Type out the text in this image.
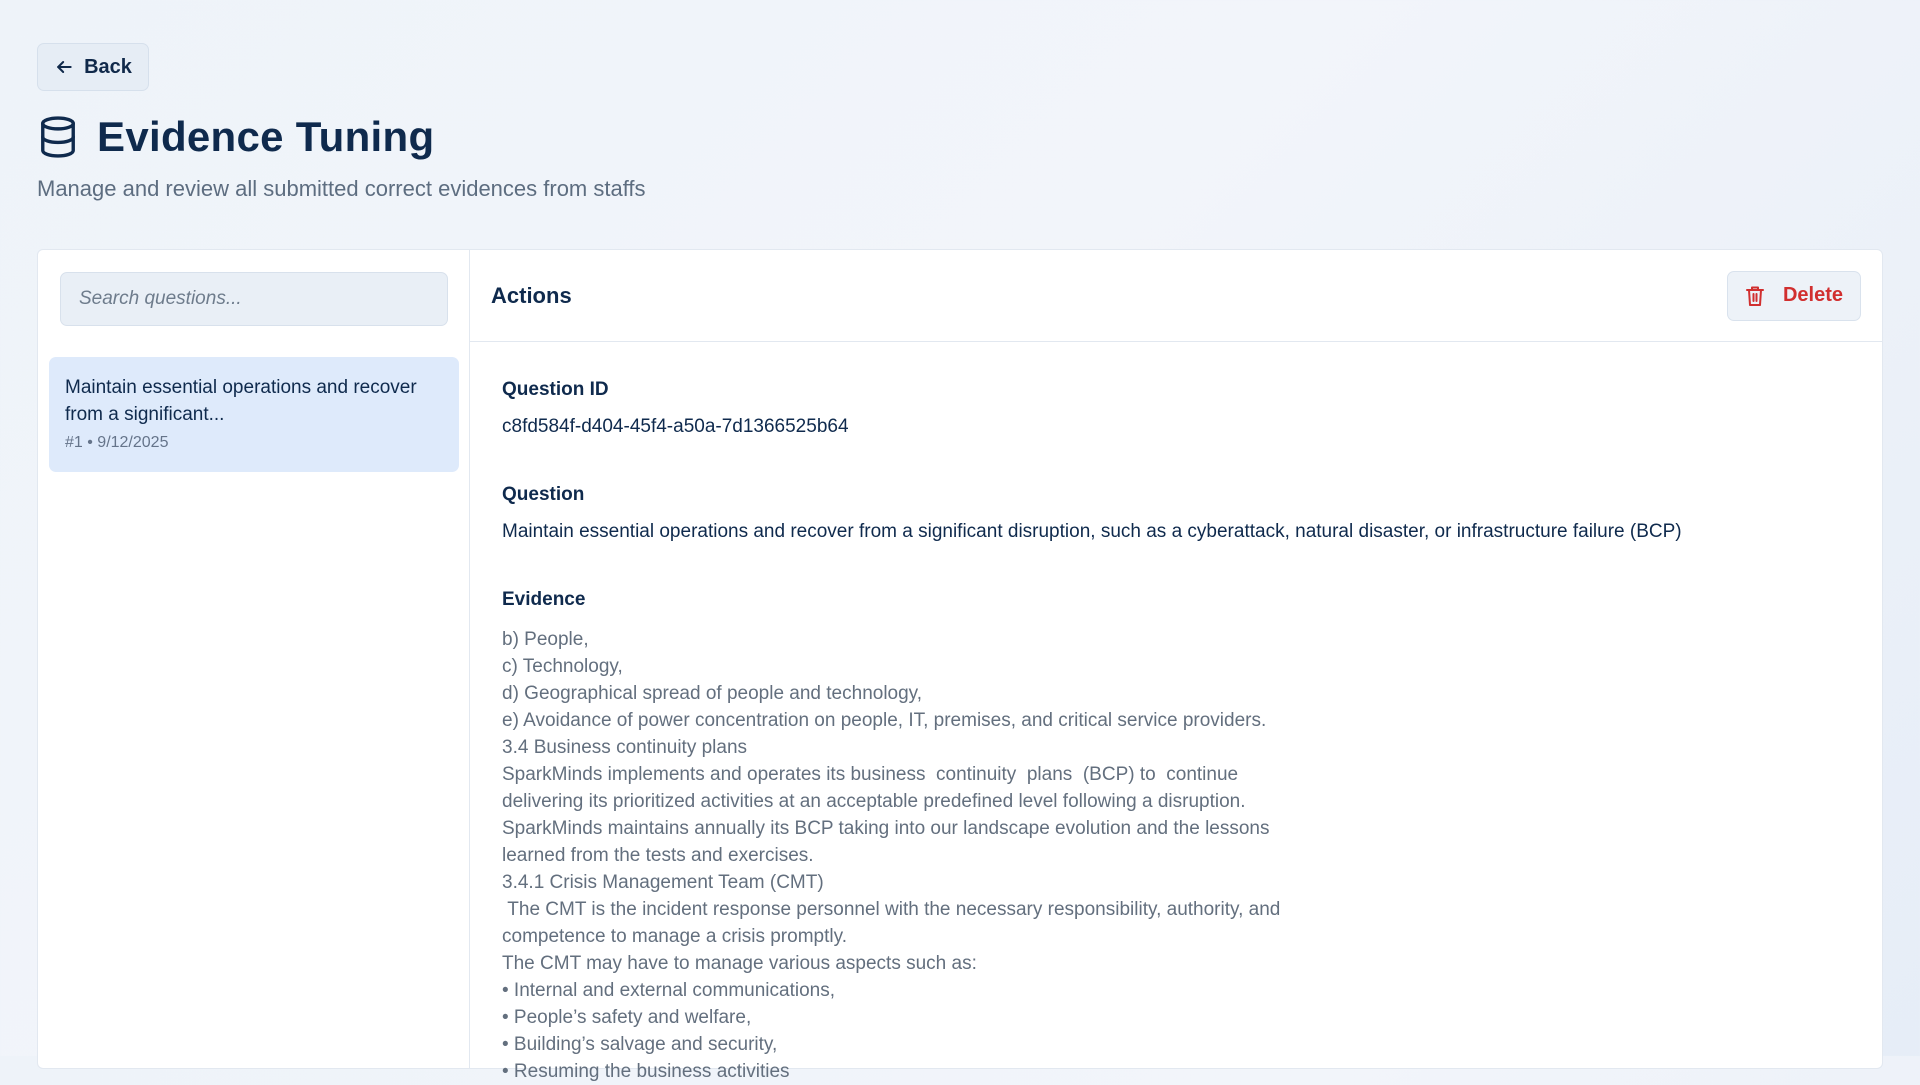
Back
Evidence Tuning
Manage and review all submitted correct evidences from staffs
Search questions...
Maintain essential operations and recover from a significant...
#1 • 9/12/2025
Actions	Delete
Question ID
c8fd584f-d404-45f4-a50a-7d1366525b64
Question
Maintain essential operations and recover from a significant disruption, such as a cyberattack, natural disaster, or infrastructure failure (BCP)
Evidence
b) People,
c) Technology,
d) Geographical spread of people and technology,
e) Avoidance of power concentration on people, IT, premises, and critical service providers.
3.4 Business continuity plans
SparkMinds implements and operates its business  continuity  plans  (BCP) to  continue
delivering its prioritized activities at an acceptable predefined level following a disruption.
SparkMinds maintains annually its BCP taking into our landscape evolution and the lessons
learned from the tests and exercises.
3.4.1 Crisis Management Team (CMT)
The CMT is the incident response personnel with the necessary responsibility, authority, and
competence to manage a crisis promptly.
The CMT may have to manage various aspects such as:
• Internal and external communications,
• People’s safety and welfare,
• Building’s salvage and security,
• Resuming the business activities
